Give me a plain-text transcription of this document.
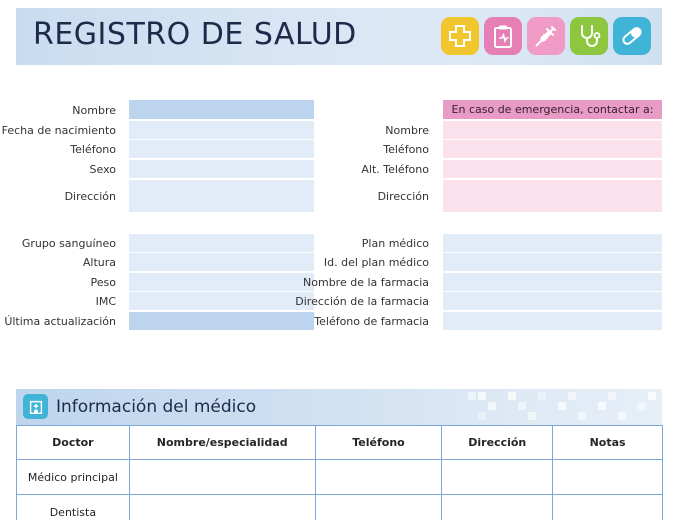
REGISTRO DE SALUD
Nombre
Fecha de nacimiento
Teléfono
Sexo
Dirección
En caso de emergencia, contactar a:
Nombre
Teléfono
Alt. Teléfono
Dirección
Grupo sanguíneo
Altura
Peso
IMC
Última actualización
Plan médico
Id. del plan médico
Nombre de la farmacia
Dirección de la farmacia
Teléfono de farmacia
Información del médico
Doctor	Nombre/especialidad	Teléfono	Dirección	Notas
Médico principal				
Dentista				
